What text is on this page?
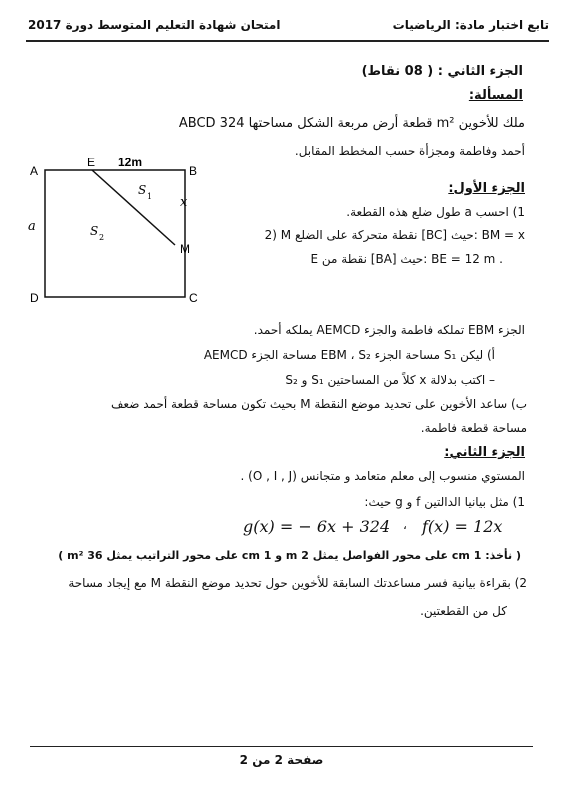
تابع اختبار مادة: الرياضيات
امتحان شهادة التعليم المتوسط دورة 2017
الجزء الثاني : ( 08 نقاط)
المسألة:
ABCD قطعة أرض مربعة الشكل مساحتها 324 m² ملك للأخوين
أحمد وفاطمة ومجزأة حسب المخطط المقابل.
A
E 12m
B
M
C
D
x
a
S 1
S 2
الجزء الأول:
1) احسب a طول ضلع هذه القطعة.
2) M نقطة متحركة على الضلع [BC] حيث: BM = x
E نقطة من [BA] حيث: BE = 12 m .
الجزء EBM تملكه فاطمة والجزء AEMCD يملكه أحمد.
أ) ليكن S₁ مساحة الجزء EBM ، S₂ مساحة الجزء AEMCD
– اكتب بدلالة x كلاً من المساحتين S₁ و S₂
ب) ساعد الأخوين على تحديد موضع النقطة M بحيث تكون مساحة قطعة أحمد ضعف
مساحة قطعة فاطمة.
الجزء الثاني:
المستوي منسوب إلى معلم متعامد و متجانس (O , I , J) .
1) مثل بيانيا الدالتين f و g حيث:
g(x) = − 6x + 324 f(x) = 12x
،
( نأخذ: 1 cm على محور الفواصل يمثل 2 m و 1 cm على محور التراتيب يمثل 36 m² )
2) بقراءة بيانية فسر مساعدتك السابقة للأخوين حول تحديد موضع النقطة M مع إيجاد مساحة
كل من القطعتين.
صفحة 2 من 2
